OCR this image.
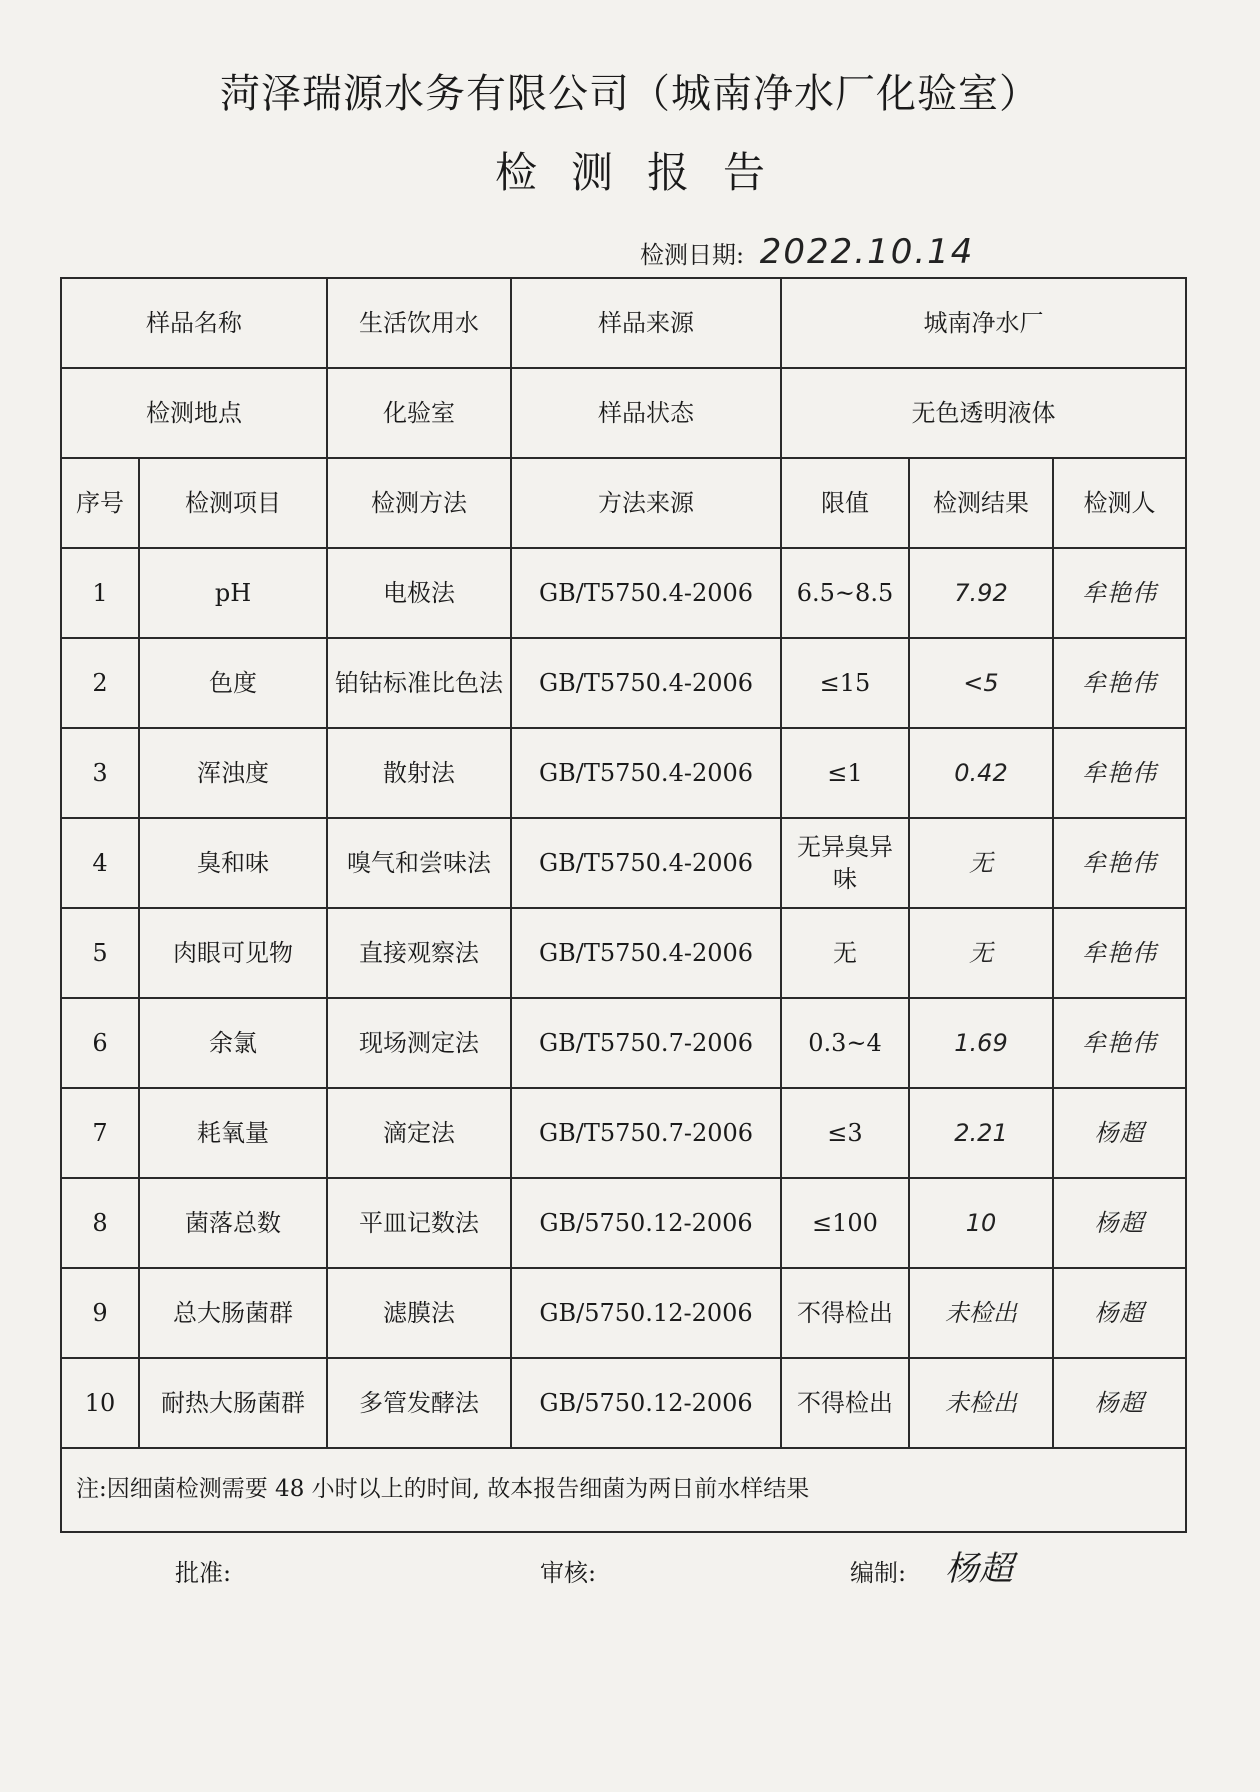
菏泽瑞源水务有限公司（城南净水厂化验室）
检测报告
检测日期: 2022.10.14
样品名称		生活饮用水	样品来源	城南净水厂		
检测地点		化验室	样品状态	无色透明液体		
序号	检测项目	检测方法	方法来源	限值	检测结果	检测人
1	pH	电极法	GB/T5750.4-2006	6.5~8.5	7.92	牟艳伟
2	色度	铂钴标准比色法	GB/T5750.4-2006	≤15	<5	牟艳伟
3	浑浊度	散射法	GB/T5750.4-2006	≤1	0.42	牟艳伟
4	臭和味	嗅气和尝味法	GB/T5750.4-2006	无异臭异味	无	牟艳伟
5	肉眼可见物	直接观察法	GB/T5750.4-2006	无	无	牟艳伟
6	余氯	现场测定法	GB/T5750.7-2006	0.3~4	1.69	牟艳伟
7	耗氧量	滴定法	GB/T5750.7-2006	≤3	2.21	杨超
8	菌落总数	平皿记数法	GB/5750.12-2006	≤100	10	杨超
9	总大肠菌群	滤膜法	GB/5750.12-2006	不得检出	未检出	杨超
10	耐热大肠菌群	多管发酵法	GB/5750.12-2006	不得检出	未检出	杨超
注:因细菌检测需要 48 小时以上的时间, 故本报告细菌为两日前水样结果						
批准:	审核:	编制: 杨超
